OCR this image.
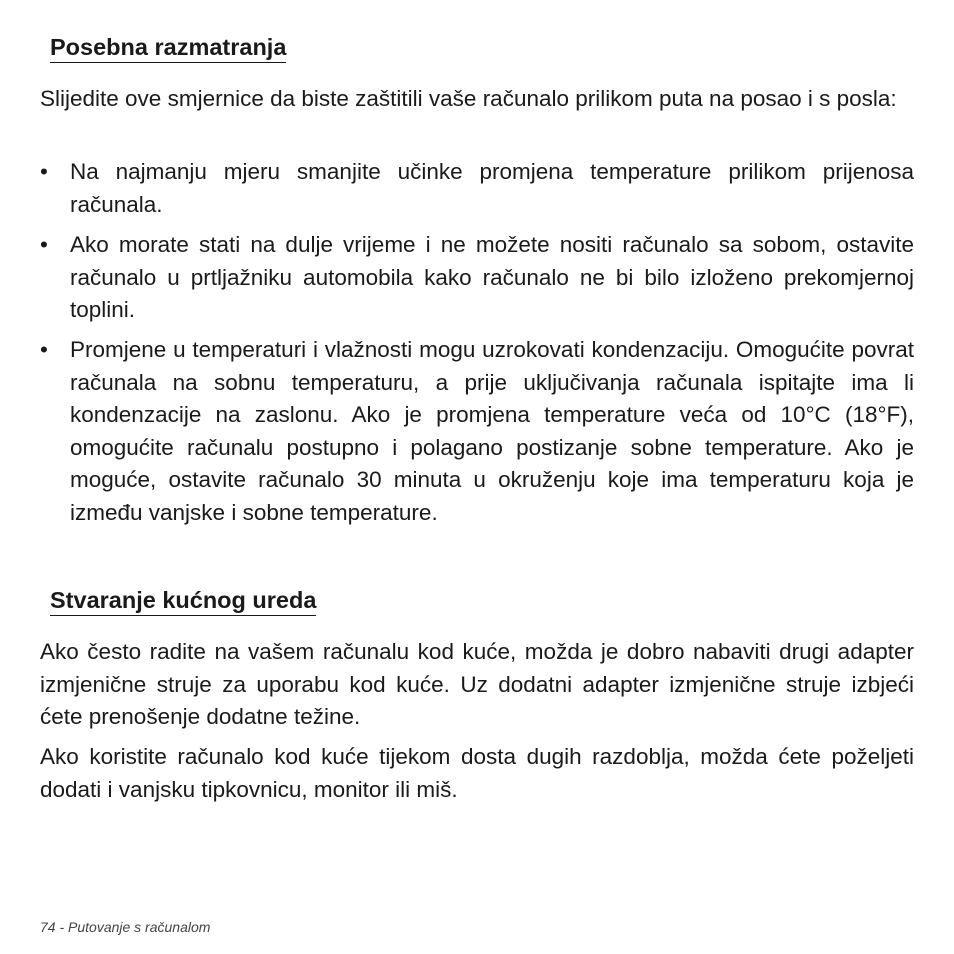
Posebna razmatranja

Slijedite ove smjernice da biste zaštitili vaše računalo prilikom puta na posao i s posla:

• Na najmanju mjeru smanjite učinke promjena temperature prilikom prijenosa računala.
• Ako morate stati na dulje vrijeme i ne možete nositi računalo sa sobom, ostavite računalo u prtljažniku automobila kako računalo ne bi bilo izloženo prekomjernoj toplini.
• Promjene u temperaturi i vlažnosti mogu uzrokovati kondenzaciju. Omogućite povrat računala na sobnu temperaturu, a prije uključivanja računala ispitajte ima li kondenzacije na zaslonu. Ako je promjena temperature veća od 10°C (18°F), omogućite računalu postupno i polagano postizanje sobne temperature. Ako je moguće, ostavite računalo 30 minuta u okruženju koje ima temperaturu koja je između vanjske i sobne temperature.
Stvaranje kućnog ureda

Ako često radite na vašem računalu kod kuće, možda je dobro nabaviti drugi adapter izmjenične struje za uporabu kod kuće. Uz dodatni adapter izmjenične struje izbjeći ćete prenošenje dodatne težine.

Ako koristite računalo kod kuće tijekom dosta dugih razdoblja, možda ćete poželjeti dodati i vanjsku tipkovnicu, monitor ili miš.

74 - Putovanje s računalom
